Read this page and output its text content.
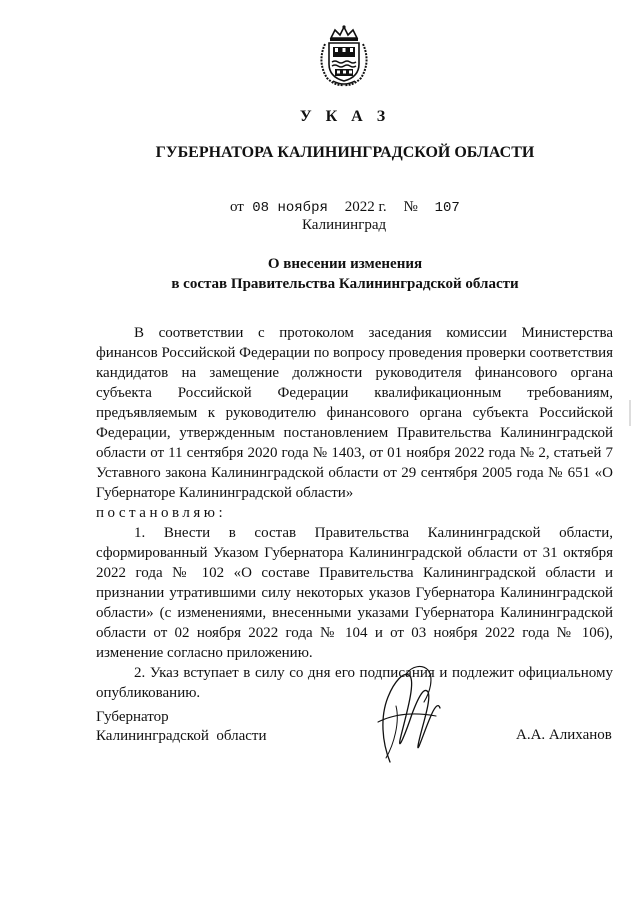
У К А З
ГУБЕРНАТОРА КАЛИНИНГРАДСКОЙ ОБЛАСТИ
от 08 ноября 2022 г. № 107
Калининград
О внесении изменения
в состав Правительства Калининградской области

В соответствии с протоколом заседания комиссии Министерства финансов Российской Федерации по вопросу проведения проверки соответствия кандидатов на замещение должности руководителя финансового органа субъекта Российской Федерации квалификационным требованиям, предъявляемым к руководителю финансового органа субъекта Российской Федерации, утвержденным постановлением Правительства Калининградской области от 11 сентября 2020 года № 1403, от 01 ноября 2022 года № 2, статьей 7 Уставного закона Калининградской области от 29 сентября 2005 года № 651 «О Губернаторе Калининградской области»

постановляю:

1. Внести в состав Правительства Калининградской области, сформированный Указом Губернатора Калининградской области от 31 октября 2022 года № 102 «О составе Правительства Калининградской области и признании утратившими силу некоторых указов Губернатора Калининградской области» (с изменениями, внесенными указами Губернатора Калининградской области от 02 ноября 2022 года № 104 и от 03 ноября 2022 года № 106), изменение согласно приложению.

2. Указ вступает в силу со дня его подписания и подлежит официальному опубликованию.

Губернатор
Калининградской  области	А.А. Алиханов
